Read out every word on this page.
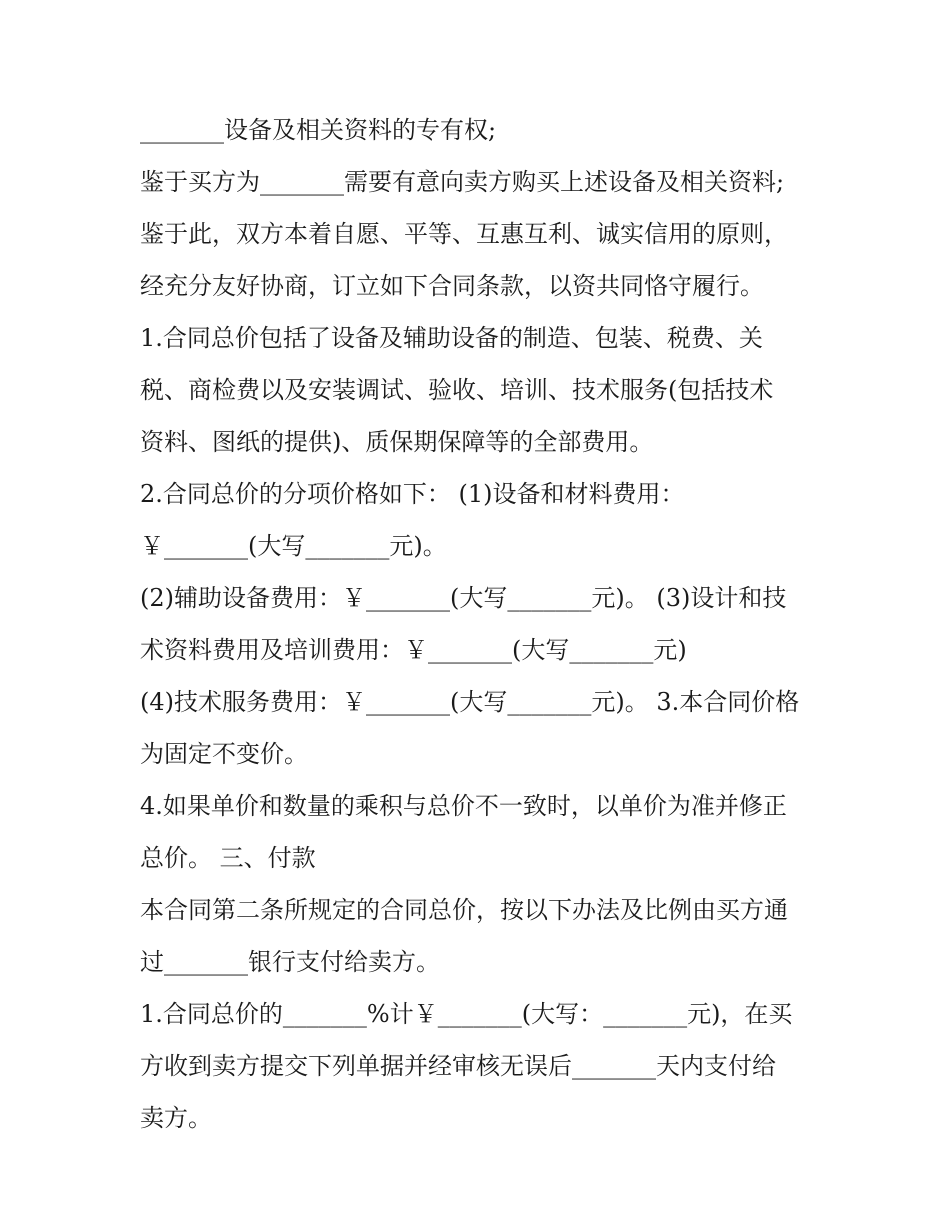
_______设备及相关资料的专有权;
鉴于买方为_______需要有意向卖方购买上述设备及相关资料;
鉴于此，双方本着自愿、平等、互惠互利、诚实信用的原则，
经充分友好协商，订立如下合同条款，以资共同恪守履行。
1.合同总价包括了设备及辅助设备的制造、包装、税费、关
税、商检费以及安装调试、验收、培训、技术服务(包括技术
资料、图纸的提供)、质保期保障等的全部费用。
2.合同总价的分项价格如下： (1)设备和材料费用：
￥_______(大写_______元)。
(2)辅助设备费用：￥_______(大写_______元)。 (3)设计和技
术资料费用及培训费用：￥_______(大写_______元)
(4)技术服务费用：￥_______(大写_______元)。 3.本合同价格
为固定不变价。
4.如果单价和数量的乘积与总价不一致时，以单价为准并修正
总价。 三、付款
本合同第二条所规定的合同总价，按以下办法及比例由买方通
过_______银行支付给卖方。
1.合同总价的_______%计￥_______(大写：_______元)，在买
方收到卖方提交下列单据并经审核无误后_______天内支付给
卖方。
